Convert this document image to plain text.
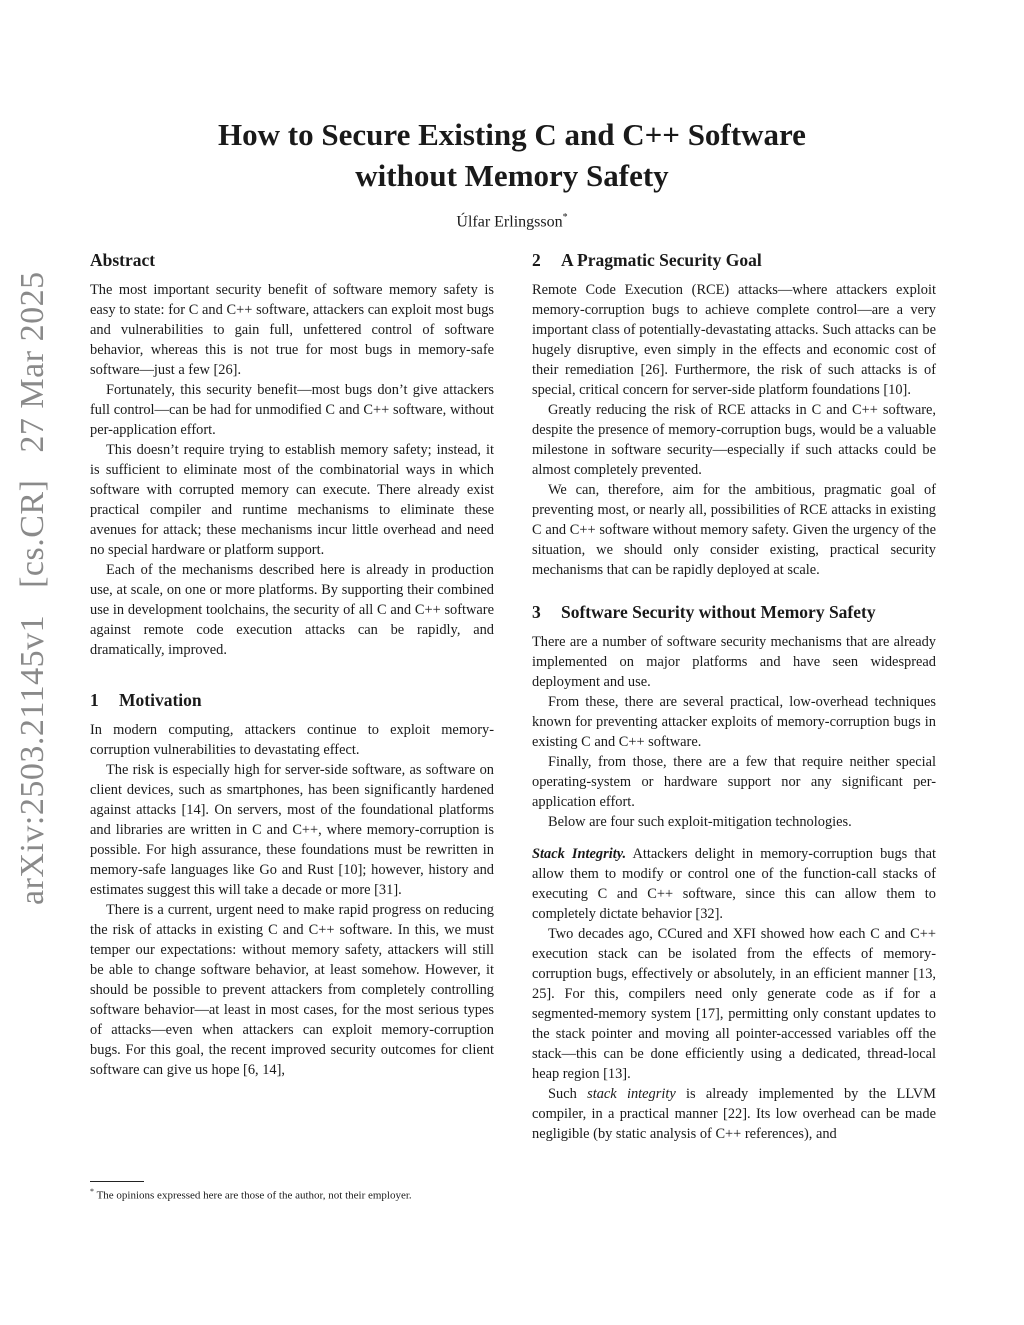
arXiv:2503.21145v1 [cs.CR] 27 Mar 2025
How to Secure Existing C and C++ Software
without Memory Safety
Úlfar Erlingsson*
Abstract

The most important security benefit of software memory safety is easy to state: for C and C++ software, attackers can exploit most bugs and vulnerabilities to gain full, unfettered control of software behavior, whereas this is not true for most bugs in memory-safe software—just a few [26].

Fortunately, this security benefit—most bugs don’t give attackers full control—can be had for unmodified C and C++ software, without per-application effort.

This doesn’t require trying to establish memory safety; instead, it is sufficient to eliminate most of the combinatorial ways in which software with corrupted memory can execute. There already exist practical compiler and runtime mechanisms to eliminate these avenues for attack; these mechanisms incur little overhead and need no special hardware or platform support.

Each of the mechanisms described here is already in production use, at scale, on one or more platforms. By supporting their combined use in development toolchains, the security of all C and C++ software against remote code execution attacks can be rapidly, and dramatically, improved.

1	Motivation

In modern computing, attackers continue to exploit memory-corruption vulnerabilities to devastating effect.

The risk is especially high for server-side software, as software on client devices, such as smartphones, has been significantly hardened against attacks [14]. On servers, most of the foundational platforms and libraries are written in C and C++, where memory-corruption is possible. For high assurance, these foundations must be rewritten in memory-safe languages like Go and Rust [10]; however, history and estimates suggest this will take a decade or more [31].

There is a current, urgent need to make rapid progress on reducing the risk of attacks in existing C and C++ software. In this, we must temper our expectations: without memory safety, attackers will still be able to change software behavior, at least somehow. However, it should be possible to prevent attackers from completely controlling software behavior—at least in most cases, for the most serious types of attacks—even when attackers can exploit memory-corruption bugs. For this goal, the recent improved security outcomes for client software can give us hope [6, 14],

* The opinions expressed here are those of the author, not their employer.
2	A Pragmatic Security Goal

Remote Code Execution (RCE) attacks—where attackers exploit memory-corruption bugs to achieve complete control—are a very important class of potentially-devastating attacks. Such attacks can be hugely disruptive, even simply in the effects and economic cost of their remediation [26]. Furthermore, the risk of such attacks is of special, critical concern for server-side platform foundations [10].

Greatly reducing the risk of RCE attacks in C and C++ software, despite the presence of memory-corruption bugs, would be a valuable milestone in software security—especially if such attacks could be almost completely prevented.

We can, therefore, aim for the ambitious, pragmatic goal of preventing most, or nearly all, possibilities of RCE attacks in existing C and C++ software without memory safety. Given the urgency of the situation, we should only consider existing, practical security mechanisms that can be rapidly deployed at scale.

3	Software Security without Memory Safety

There are a number of software security mechanisms that are already implemented on major platforms and have seen widespread deployment and use.

From these, there are several practical, low-overhead techniques known for preventing attacker exploits of memory-corruption bugs in existing C and C++ software.

Finally, from those, there are a few that require neither special operating-system or hardware support nor any significant per-application effort.

Below are four such exploit-mitigation technologies.

Stack Integrity. Attackers delight in memory-corruption bugs that allow them to modify or control one of the function-call stacks of executing C and C++ software, since this can allow them to completely dictate behavior [32].

Two decades ago, CCured and XFI showed how each C and C++ execution stack can be isolated from the effects of memory-corruption bugs, effectively or absolutely, in an efficient manner [13, 25]. For this, compilers need only generate code as if for a segmented-memory system [17], permitting only constant updates to the stack pointer and moving all pointer-accessed variables off the stack—this can be done efficiently using a dedicated, thread-local heap region [13].

Such stack integrity is already implemented by the LLVM compiler, in a practical manner [22]. Its low overhead can be made negligible (by static analysis of C++ references), and
